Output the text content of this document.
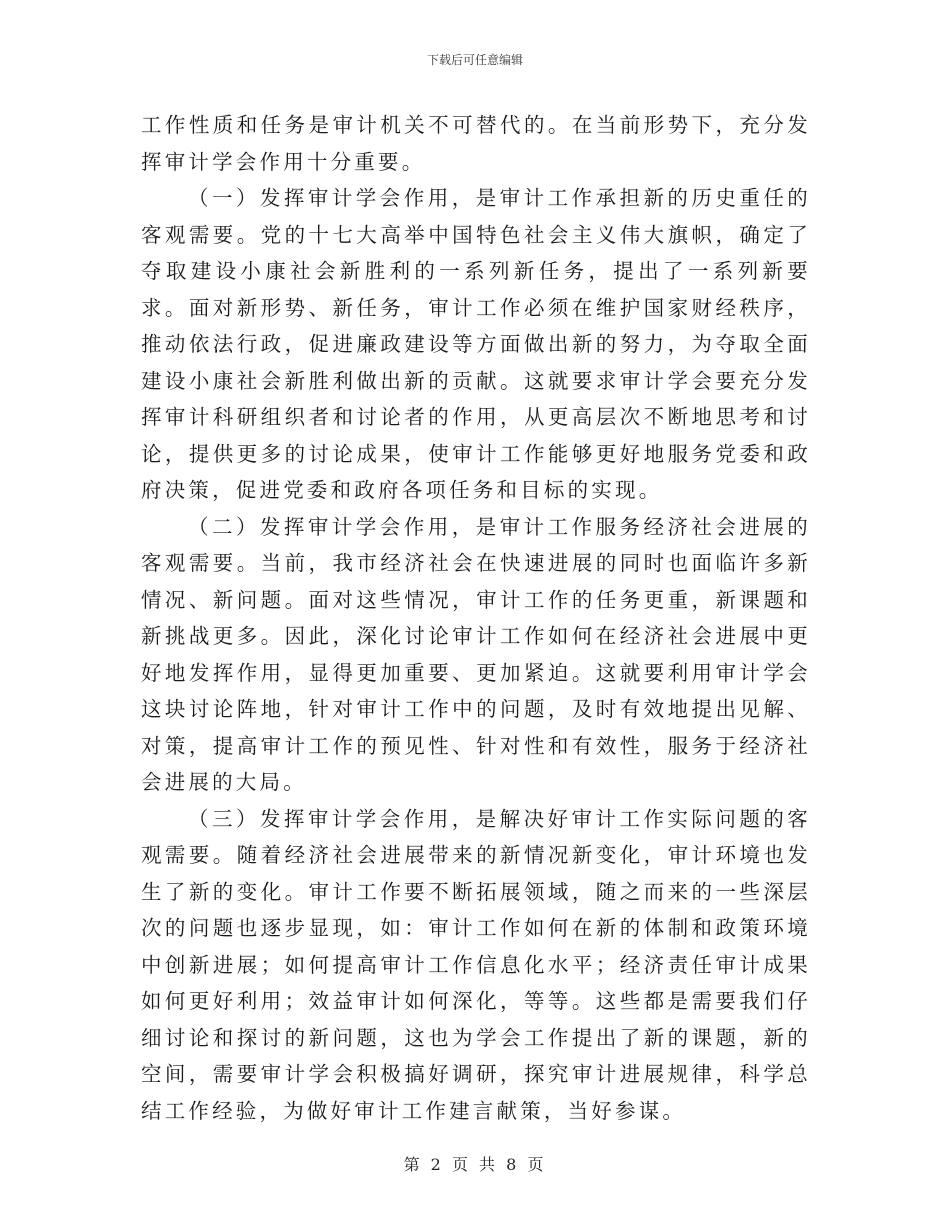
下载后可任意编辑

工作性质和任务是审计机关不可替代的。在当前形势下，充分发挥审计学会作用十分重要。

（一）发挥审计学会作用，是审计工作承担新的历史重任的客观需要。党的十七大高举中国特色社会主义伟大旗帜，确定了夺取建设小康社会新胜利的一系列新任务，提出了一系列新要求。面对新形势、新任务，审计工作必须在维护国家财经秩序，推动依法行政，促进廉政建设等方面做出新的努力，为夺取全面建设小康社会新胜利做出新的贡献。这就要求审计学会要充分发挥审计科研组织者和讨论者的作用，从更高层次不断地思考和讨论，提供更多的讨论成果，使审计工作能够更好地服务党委和政府决策，促进党委和政府各项任务和目标的实现。

（二）发挥审计学会作用，是审计工作服务经济社会进展的客观需要。当前，我市经济社会在快速进展的同时也面临许多新情况、新问题。面对这些情况，审计工作的任务更重，新课题和新挑战更多。因此，深化讨论审计工作如何在经济社会进展中更好地发挥作用，显得更加重要、更加紧迫。这就要利用审计学会这块讨论阵地，针对审计工作中的问题，及时有效地提出见解、对策，提高审计工作的预见性、针对性和有效性，服务于经济社会进展的大局。

（三）发挥审计学会作用，是解决好审计工作实际问题的客观需要。随着经济社会进展带来的新情况新变化，审计环境也发生了新的变化。审计工作要不断拓展领域，随之而来的一些深层次的问题也逐步显现，如：审计工作如何在新的体制和政策环境中创新进展；如何提高审计工作信息化水平；经济责任审计成果如何更好利用；效益审计如何深化，等等。这些都是需要我们仔细讨论和探讨的新问题，这也为学会工作提出了新的课题，新的空间，需要审计学会积极搞好调研，探究审计进展规律，科学总结工作经验，为做好审计工作建言献策，当好参谋。

第 2 页 共 8 页
